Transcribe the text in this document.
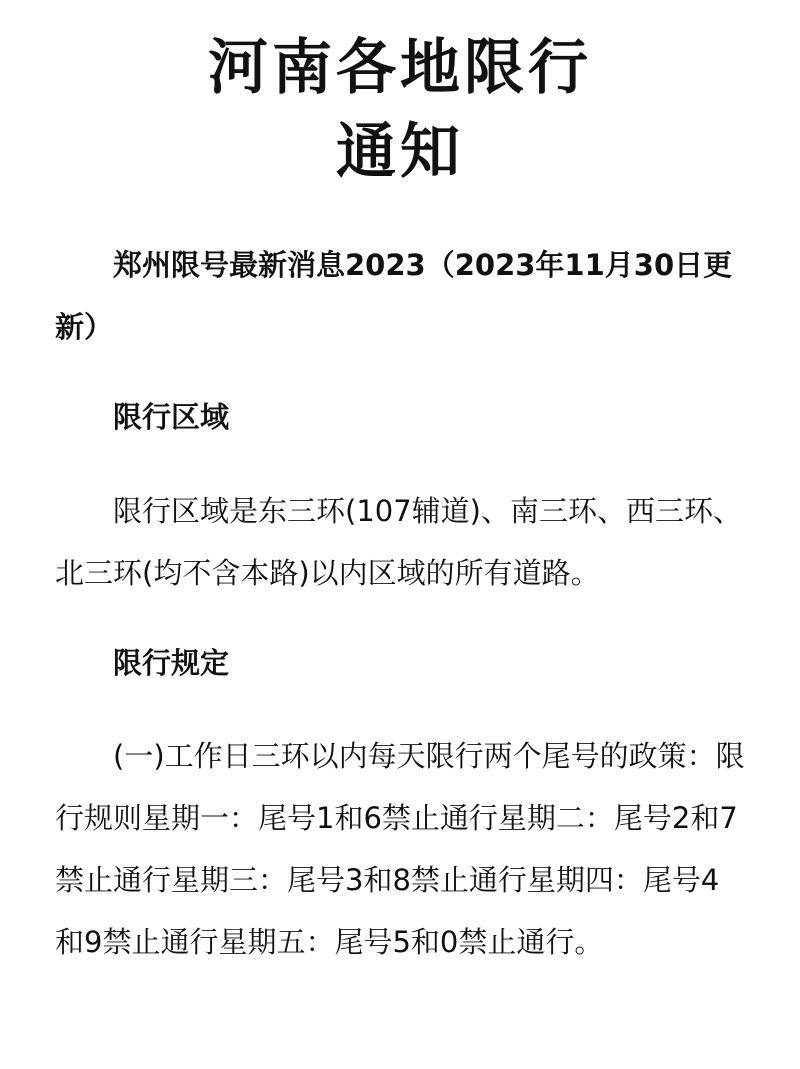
河南各地限行
通知

郑州限号最新消息2023（2023年11月30日更新）

限行区域

限行区域是东三环(107辅道)、南三环、西三环、北三环(均不含本路)以内区域的所有道路。

限行规定

(一)工作日三环以内每天限行两个尾号的政策：限行规则星期一：尾号1和6禁止通行星期二：尾号2和7禁止通行星期三：尾号3和8禁止通行星期四：尾号4和9禁止通行星期五：尾号5和0禁止通行。
